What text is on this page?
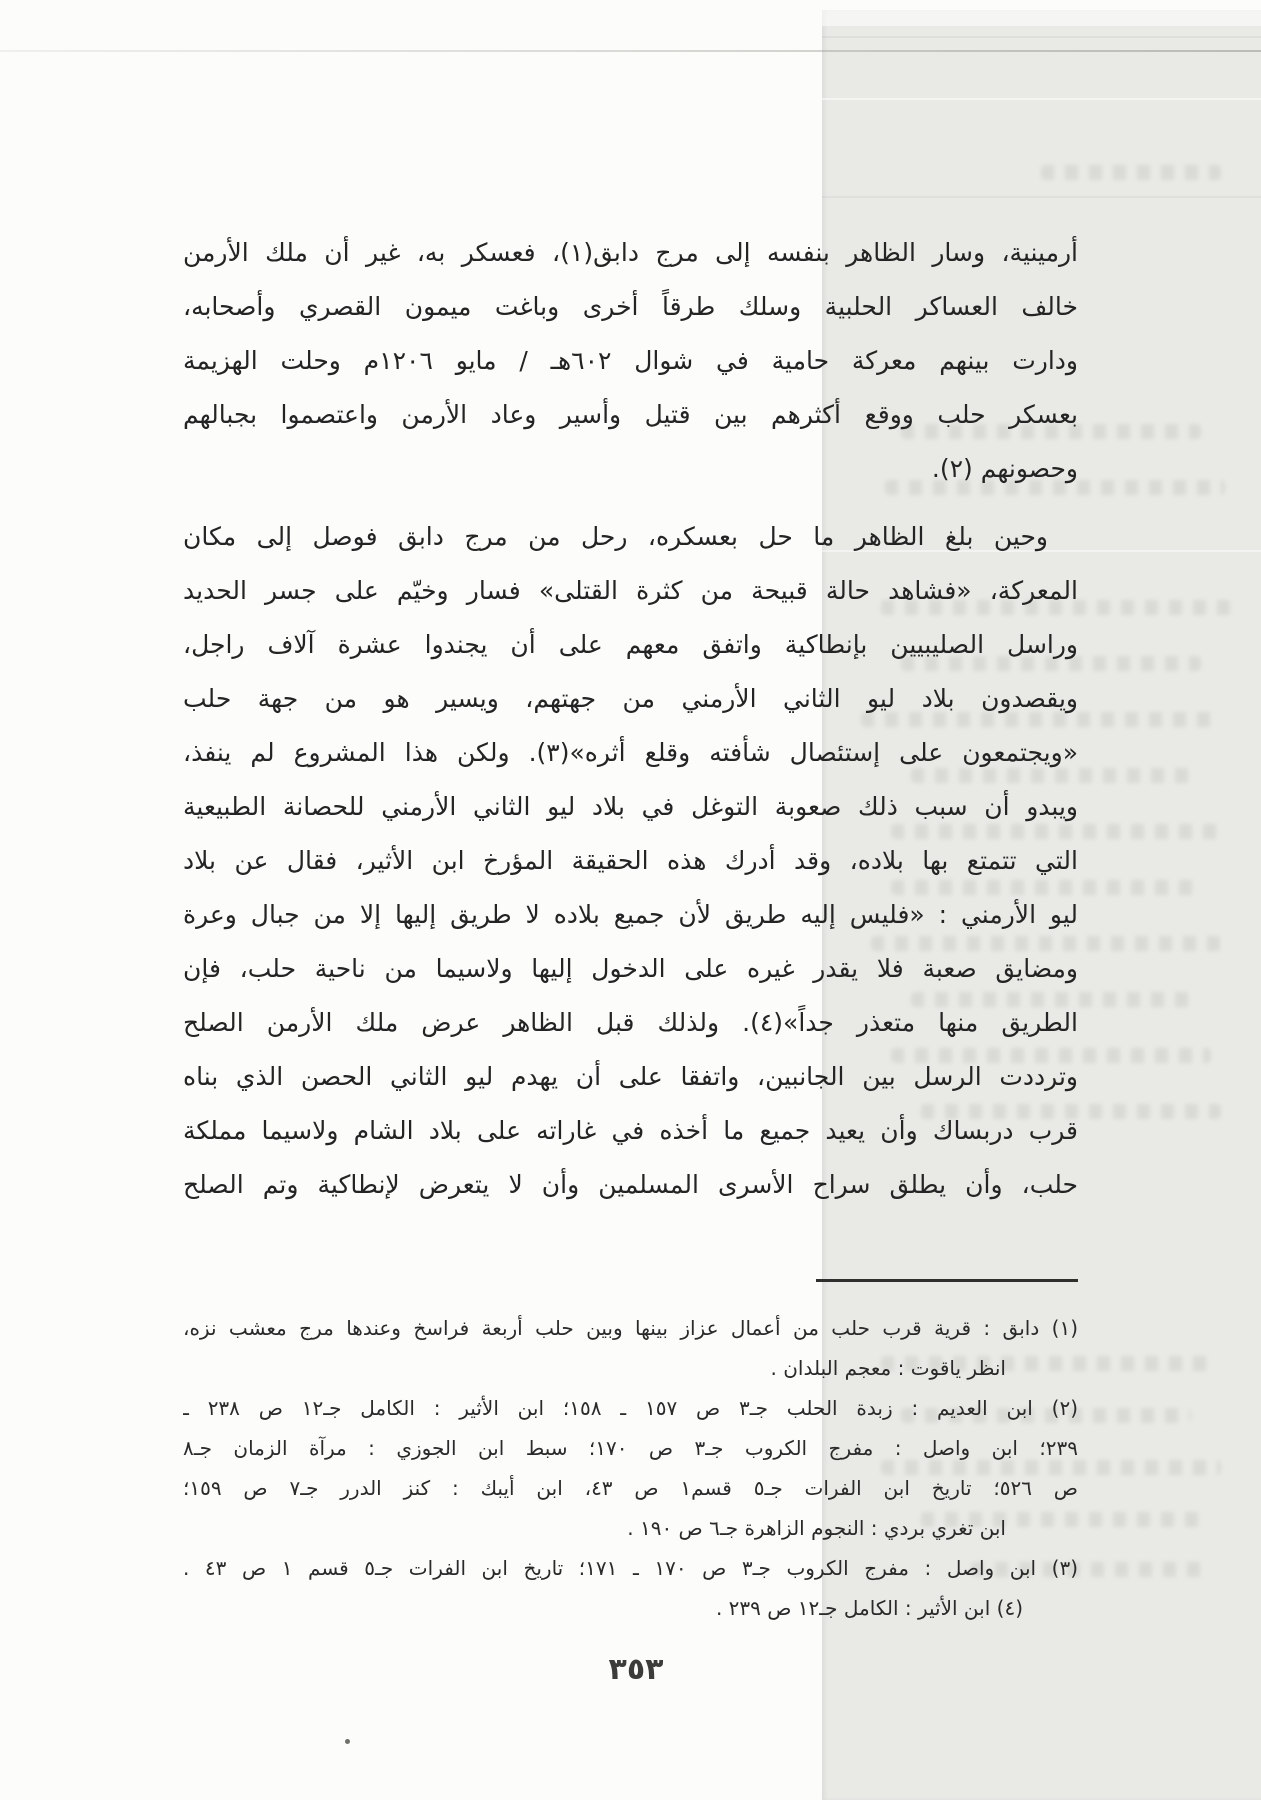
أرمينية، وسار الظاهر بنفسه إلى مرج دابق(١)، فعسكر به، غير أن ملك الأرمن
خالف العساكر الحلبية وسلك طرقاً أخرى وباغت ميمون القصري وأصحابه،
ودارت بينهم معركة حامية في شوال ٦٠٢هـ / مايو ١٢٠٦م وحلت الهزيمة
بعسكر حلب ووقع أكثرهم بين قتيل وأسير وعاد الأرمن واعتصموا بجبالهم
وحصونهم (٢).
وحين بلغ الظاهر ما حل بعسكره، رحل من مرج دابق فوصل إلى مكان
المعركة، «فشاهد حالة قبيحة من كثرة القتلى» فسار وخيّم على جسر الحديد
وراسل الصليبيين بإنطاكية واتفق معهم على أن يجندوا عشرة آلاف راجل،
ويقصدون بلاد ليو الثاني الأرمني من جهتهم، ويسير هو من جهة حلب
«ويجتمعون على إستئصال شأفته وقلع أثره»(٣). ولكن هذا المشروع لم ينفذ،
ويبدو أن سبب ذلك صعوبة التوغل في بلاد ليو الثاني الأرمني للحصانة الطبيعية
التي تتمتع بها بلاده، وقد أدرك هذه الحقيقة المؤرخ ابن الأثير، فقال عن بلاد
ليو الأرمني : «فليس إليه طريق لأن جميع بلاده لا طريق إليها إلا من جبال وعرة
ومضايق صعبة فلا يقدر غيره على الدخول إليها ولاسيما من ناحية حلب، فإن
الطريق منها متعذر جداً»(٤). ولذلك قبل الظاهر عرض ملك الأرمن الصلح
وترددت الرسل بين الجانبين، واتفقا على أن يهدم ليو الثاني الحصن الذي بناه
قرب دربساك وأن يعيد جميع ما أخذه في غاراته على بلاد الشام ولاسيما مملكة
حلب، وأن يطلق سراح الأسرى المسلمين وأن لا يتعرض لإنطاكية وتم الصلح
(١) دابق : قرية قرب حلب من أعمال عزاز بينها وبين حلب أربعة فراسخ وعندها مرج معشب نزه،
انظر ياقوت : معجم البلدان .
(٢) ابن العديم : زبدة الحلب جـ٣ ص ١٥٧ ـ ١٥٨؛ ابن الأثير : الكامل جـ١٢ ص ٢٣٨ ـ
٢٣٩؛ ابن واصل : مفرج الكروب جـ٣ ص ١٧٠؛ سبط ابن الجوزي : مرآة الزمان جـ٨
ص ٥٢٦؛ تاريخ ابن الفرات جـ٥ قسم١ ص ٤٣، ابن أيبك : كنز الدرر جـ٧ ص ١٥٩؛
ابن تغري بردي : النجوم الزاهرة جـ٦ ص ١٩٠ .
(٣) ابن واصل : مفرج الكروب جـ٣ ص ١٧٠ ـ ١٧١؛ تاريخ ابن الفرات جـ٥ قسم ١ ص ٤٣ .
(٤) ابن الأثير : الكامل جـ١٢ ص ٢٣٩ .
٣٥٣
